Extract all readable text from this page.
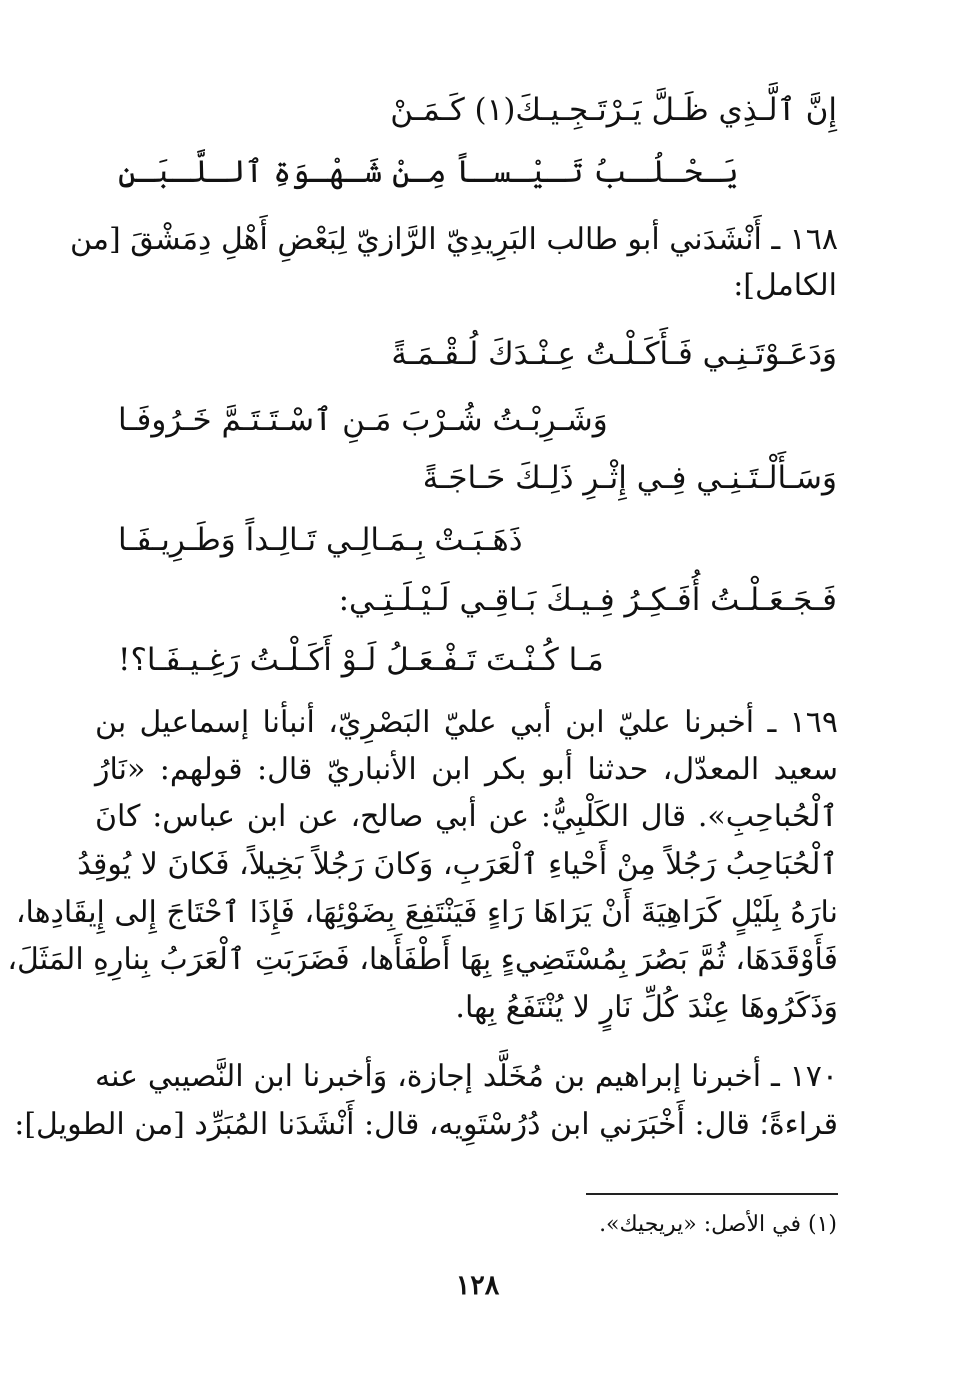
إِنَّ ٱلَّـذِي ظَـلَّ يَـرْتَـجِـيـكَ(١) كَـمَـنْ
يَـحْـلُـبُ تَـيْـسـاً مِـنْ شَـهْـوَةِ ٱلـلَّـبَـنِ
١٦٨ ـ أَنْشَدَني أبو طالب البَرِيدِيّ الرَّازيّ لِبَعْضِ أَهْلِ دِمَشْقَ [من
الكامل]:
وَدَعَـوْتَـنِـي فَـأَكَـلْـتُ عِـنْـدَكَ لُـقْـمَـةً
وَشَـرِبْـتُ شُـرْبَ مَـنِ ٱسْـتَـتَـمَّ خَـرُوفَـا
وَسَـأَلْـتَـنِـي فِـي إِثْـرِ ذَلِـكَ حَـاجَـةً
ذَهَـبَـتْ بِـمَـالِـي تَـالِـداً وَطَـرِيـفَـا
فَـجَـعَـلْـتُ أُفَـكِـرُ فِـيـكَ بَـاقِـي لَـيْـلَـتِـي:
مَـا كُـنْـتَ تَـفْـعَـلُ لَـوْ أَكَـلْـتُ رَغِـيـفَـا؟!
١٦٩ ـ أخبرنا عليّ ابن أبي عليّ البَصْرِيّ، أنبأنا إسماعيل بن
سعيد المعدّل، حدثنا أبو بكر ابن الأنباريّ قال: قولهم: «نَارُ
ٱلْحُباحِبِ». قال الكَلْبِيُّ: عن أبي صالح، عن ابن عباس: كانَ
ٱلْحُبَاحِبُ رَجُلاً مِنْ أَحْياءِ ٱلْعَرَبِ، وَكانَ رَجُلاً بَخِيلاً، فَكانَ لا يُوقِدُ
نارَهُ بِلَيْلٍ كَرَاهِيَةَ أَنْ يَرَاهَا رَاءٍ فَيَنْتَفِعَ بِضَوْئِهَا، فَإِذَا ٱحْتَاجَ إِلى إِيقَادِها،
فَأَوْقَدَهَا، ثُمَّ بَصُرَ بِمُسْتَضِيءٍ بِهَا أَطْفَأَها، فَضَرَبَتِ ٱلْعَرَبُ بِنارِهِ المَثَلَ،
وَذَكَرُوهَا عِنْدَ كُلِّ نَارٍ لا يُنْتَفَعُ بِها.
١٧٠ ـ أخبرنا إبراهيم بن مُخَلَّد إجازة، وَأخبرنا ابن النَّصيبي عنه
قراءةً؛ قال: أَخْبَرَني ابن دُرُسْتَوِيه، قال: أَنْشَدَنا المُبَرِّد [من الطويل]:
(١) في الأصل: «يريجيك».
١٢٨
